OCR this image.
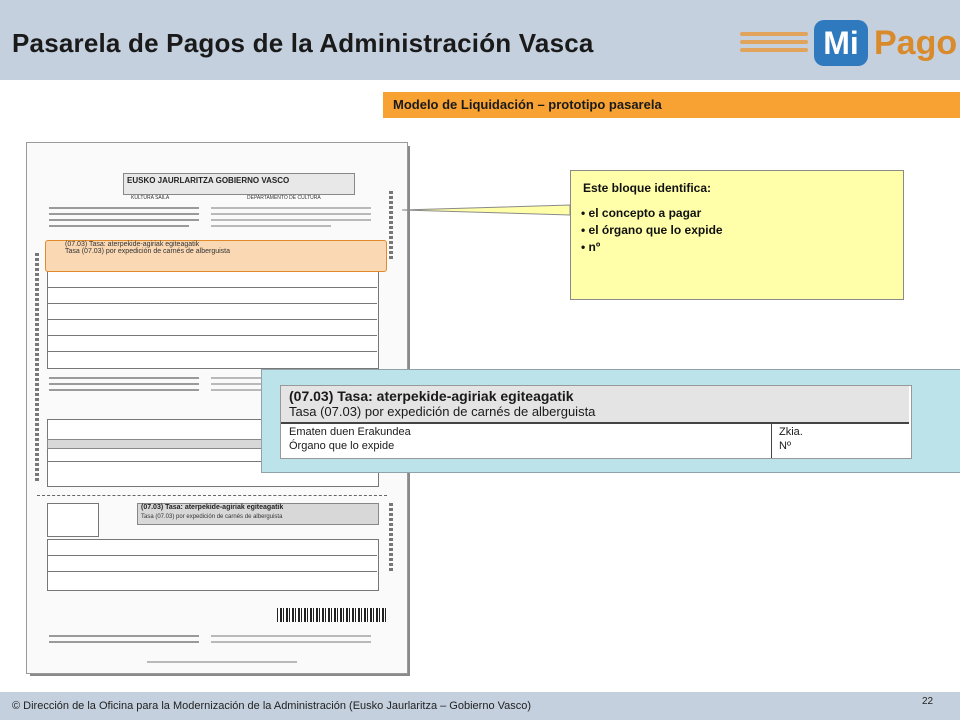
Pasarela de Pagos de la Administración Vasca	Mi Pago
Modelo de Liquidación – prototipo pasarela
EUSKO JAURLARITZA GOBIERNO VASCO
KULTURA SAILA	DEPARTAMENTO DE CULTURA
(07.03) Tasa: aterpekide-agiriak egiteagatik
Tasa (07.03) por expedición de carnés de alberguista
(07.03) Tasa: aterpekide-agiriak egiteagatik
Tasa (07.03) por expedición de carnés de alberguista
Este bloque identifica:
• el concepto a pagar
• el órgano que lo expide
• nº
(07.03) Tasa: aterpekide-agiriak egiteagatik
Tasa (07.03) por expedición de carnés de alberguista
Ematen duen Erakundea
Órgano que lo expide
Zkia.
Nº
© Dirección de la Oficina para la Modernización de la Administración (Eusko Jaurlaritza – Gobierno Vasco)	22
